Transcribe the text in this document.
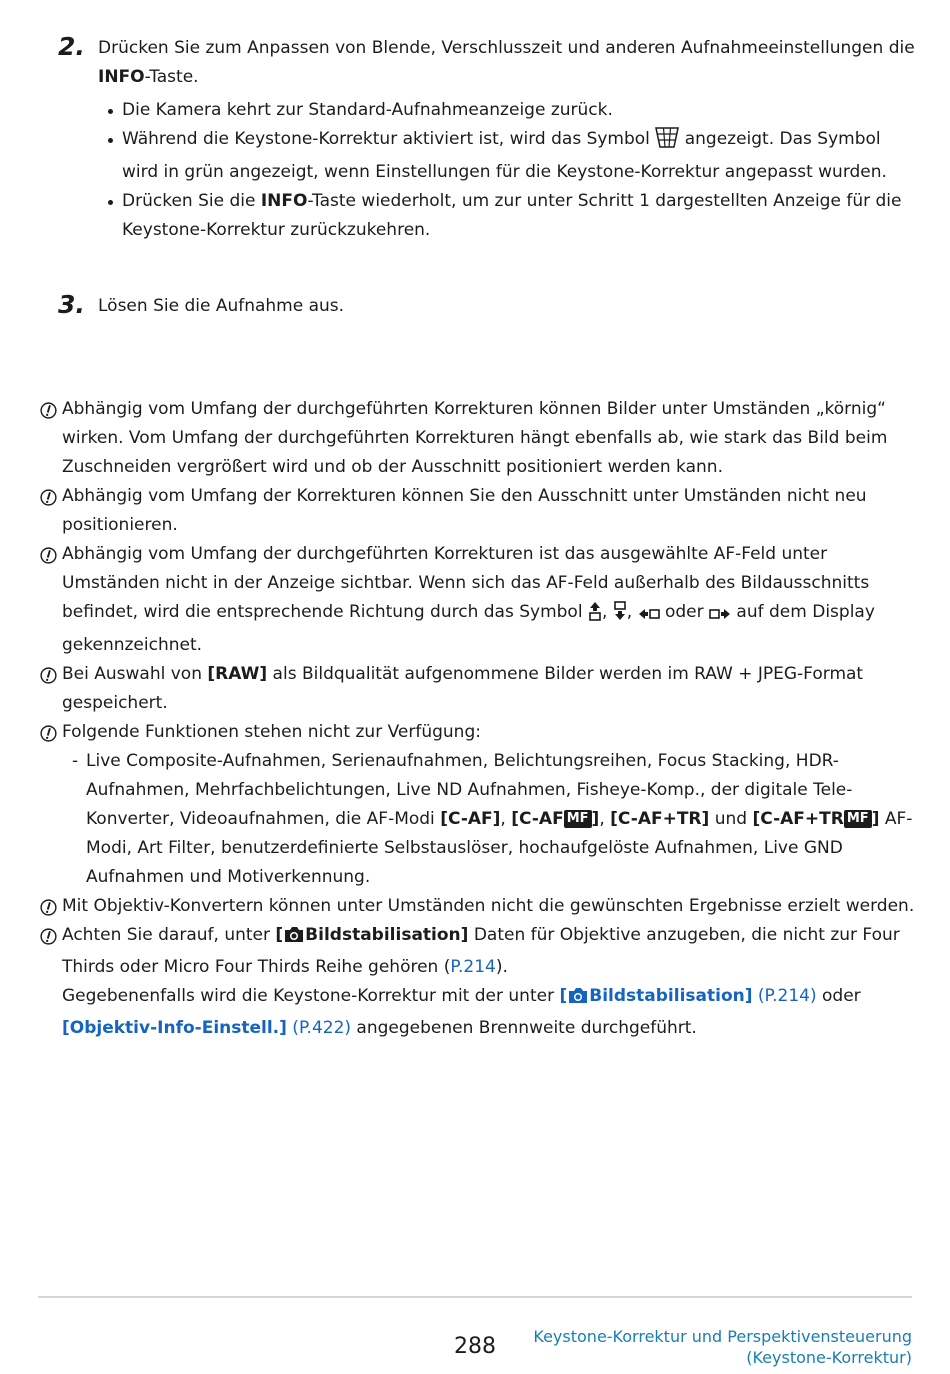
2. Drücken Sie zum Anpassen von Blende, Verschlusszeit und anderen Aufnahmeeinstellungen die INFO-Taste.
Die Kamera kehrt zur Standard-Aufnahmeanzeige zurück.
Während die Keystone-Korrektur aktiviert ist, wird das Symbol  angezeigt. Das Symbol wird in grün angezeigt, wenn Einstellungen für die Keystone-Korrektur angepasst wurden.
Drücken Sie die INFO-Taste wiederholt, um zur unter Schritt 1 dargestellten Anzeige für die Keystone-Korrektur zurückzukehren.
3. Lösen Sie die Aufnahme aus.
Abhängig vom Umfang der durchgeführten Korrekturen können Bilder unter Umständen „körnig“ wirken. Vom Umfang der durchgeführten Korrekturen hängt ebenfalls ab, wie stark das Bild beim Zuschneiden vergrößert wird und ob der Ausschnitt positioniert werden kann.
Abhängig vom Umfang der Korrekturen können Sie den Ausschnitt unter Umständen nicht neu positionieren.
Abhängig vom Umfang der durchgeführten Korrekturen ist das ausgewählte AF-Feld unter Umständen nicht in der Anzeige sichtbar. Wenn sich das AF-Feld außerhalb des Bildausschnitts befindet, wird die entsprechende Richtung durch das Symbol , ,  oder  auf dem Display gekennzeichnet.
Bei Auswahl von [RAW] als Bildqualität aufgenommene Bilder werden im RAW + JPEG-Format gespeichert.
Folgende Funktionen stehen nicht zur Verfügung:
- Live Composite-Aufnahmen, Serienaufnahmen, Belichtungsreihen, Focus Stacking, HDR-Aufnahmen, Mehrfachbelichtungen, Live ND Aufnahmen, Fisheye-Komp., der digitale Tele-Konverter, Videoaufnahmen, die AF-Modi [C-AF], [C-AF MF ], [C-AF+TR] und [C-AF+TR MF ] AF-Modi, Art Filter, benutzerdefinierte Selbstauslöser, hochaufgelöste Aufnahmen, Live GND Aufnahmen und Motiverkennung.
Mit Objektiv-Konvertern können unter Umständen nicht die gewünschten Ergebnisse erzielt werden.
Achten Sie darauf, unter [ Bildstabilisation] Daten für Objektive anzugeben, die nicht zur Four Thirds oder Micro Four Thirds Reihe gehören (P.214).
Gegebenenfalls wird die Keystone-Korrektur mit der unter [ Bildstabilisation] (P.214) oder [Objektiv-Info-Einstell.] (P.422) angegebenen Brennweite durchgeführt.
288 Keystone-Korrektur und Perspektivensteuerung
(Keystone-Korrektur)
